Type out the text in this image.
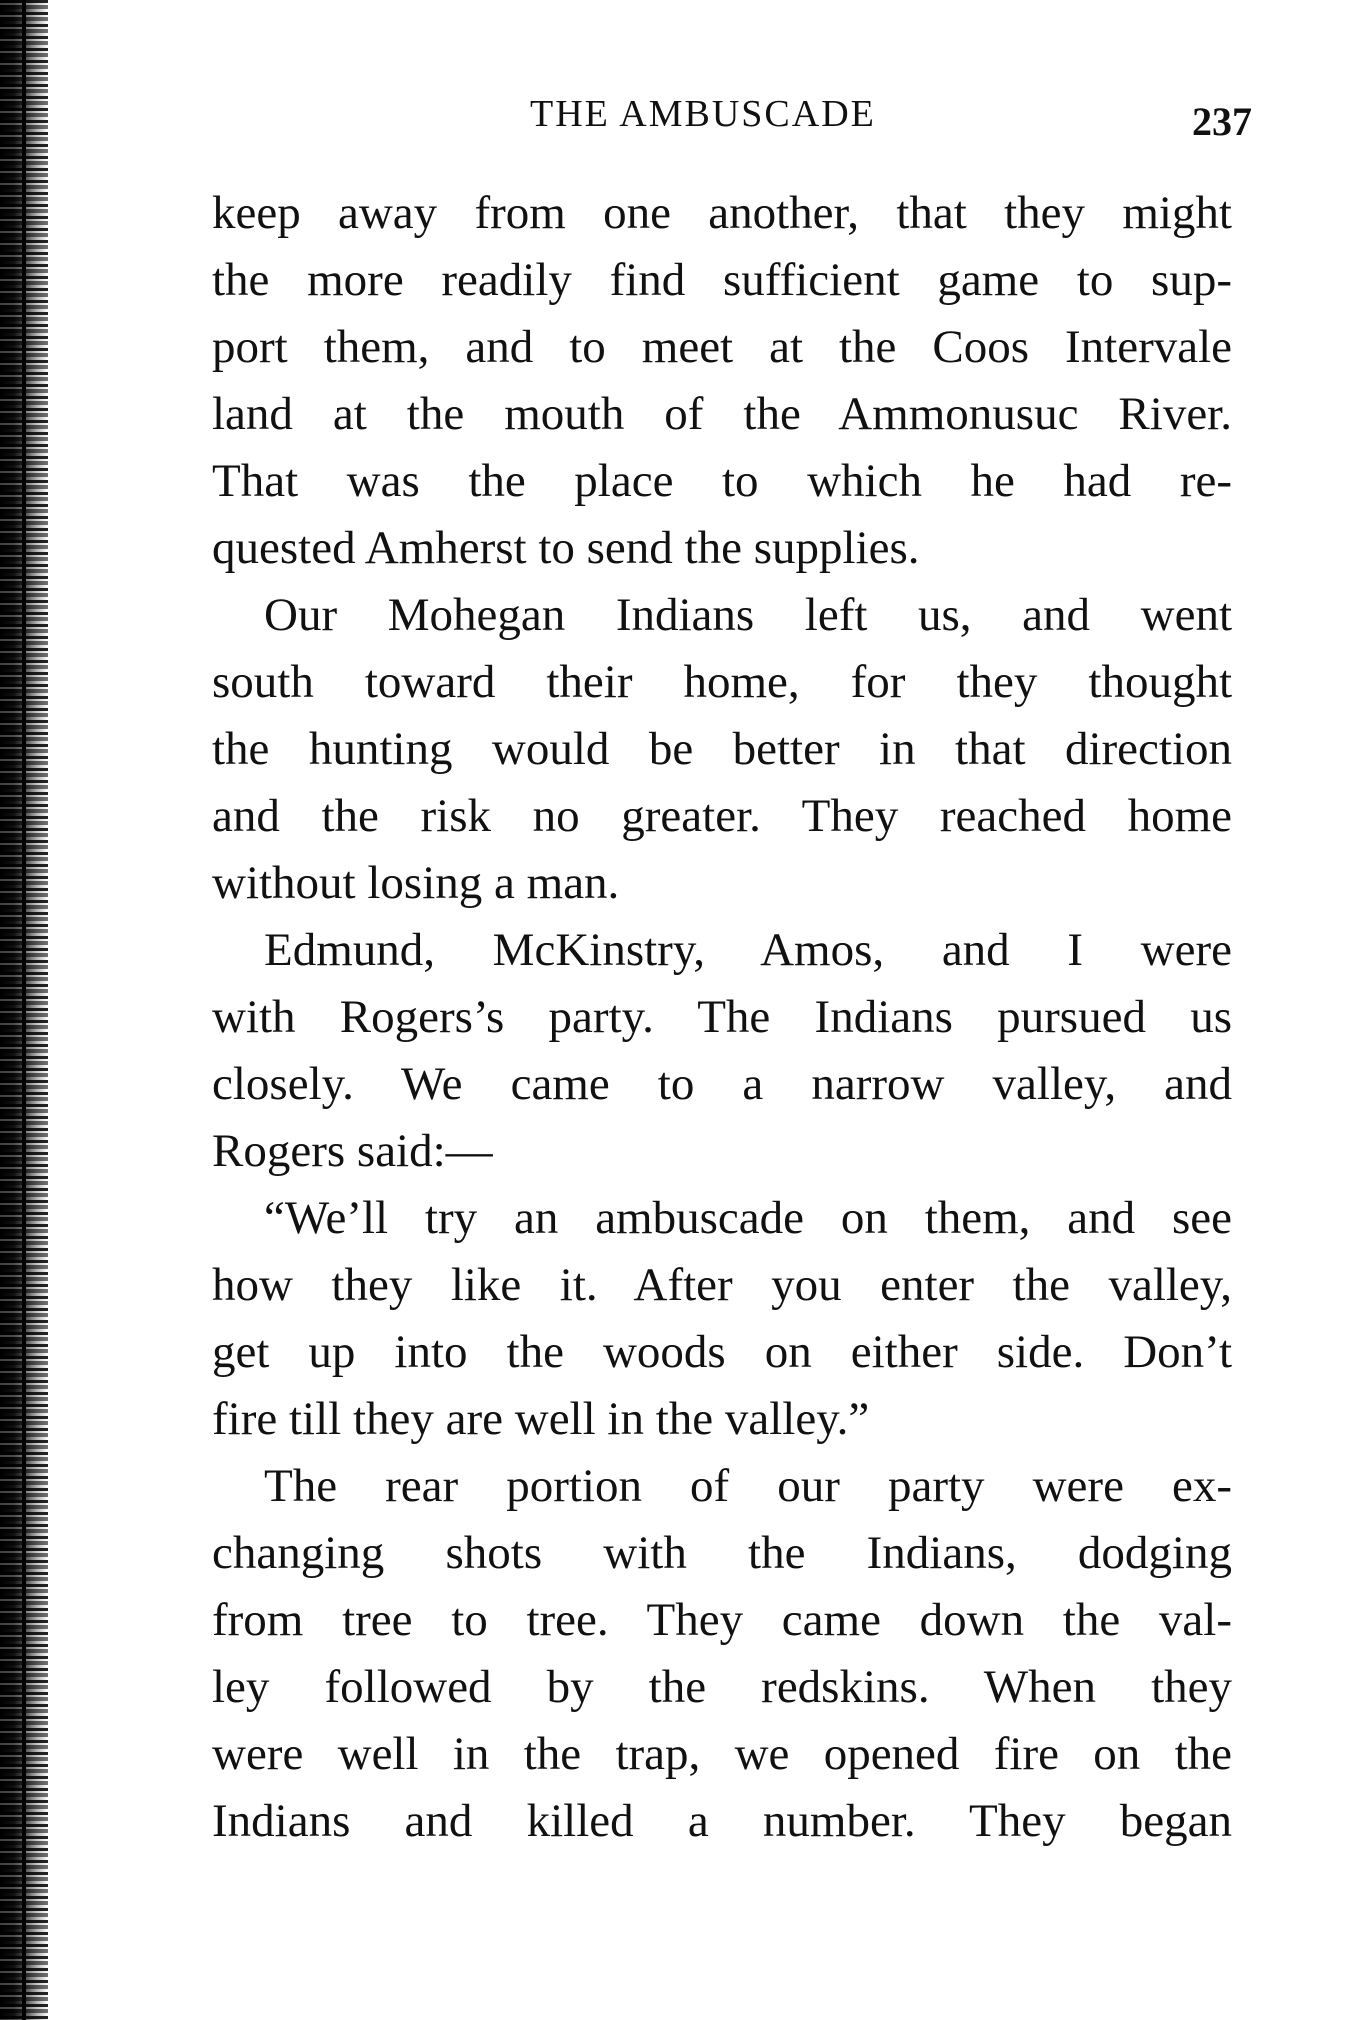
THE AMBUSCADE	237
keep away from one another, that they might
the more readily find sufficient game to sup-
port them, and to meet at the Coos Intervale
land at the mouth of the Ammonusuc River.
That was the place to which he had re-
quested Amherst to send the supplies.
Our Mohegan Indians left us, and went
south toward their home, for they thought
the hunting would be better in that direction
and the risk no greater. They reached home
without losing a man.
Edmund, McKinstry, Amos, and I were
with Rogers’s party. The Indians pursued us
closely. We came to a narrow valley, and
Rogers said:—
“We’ll try an ambuscade on them, and see
how they like it. After you enter the valley,
get up into the woods on either side. Don’t
fire till they are well in the valley.”
The rear portion of our party were ex-
changing shots with the Indians, dodging
from tree to tree. They came down the val-
ley followed by the redskins. When they
were well in the trap, we opened fire on the
Indians and killed a number. They began
